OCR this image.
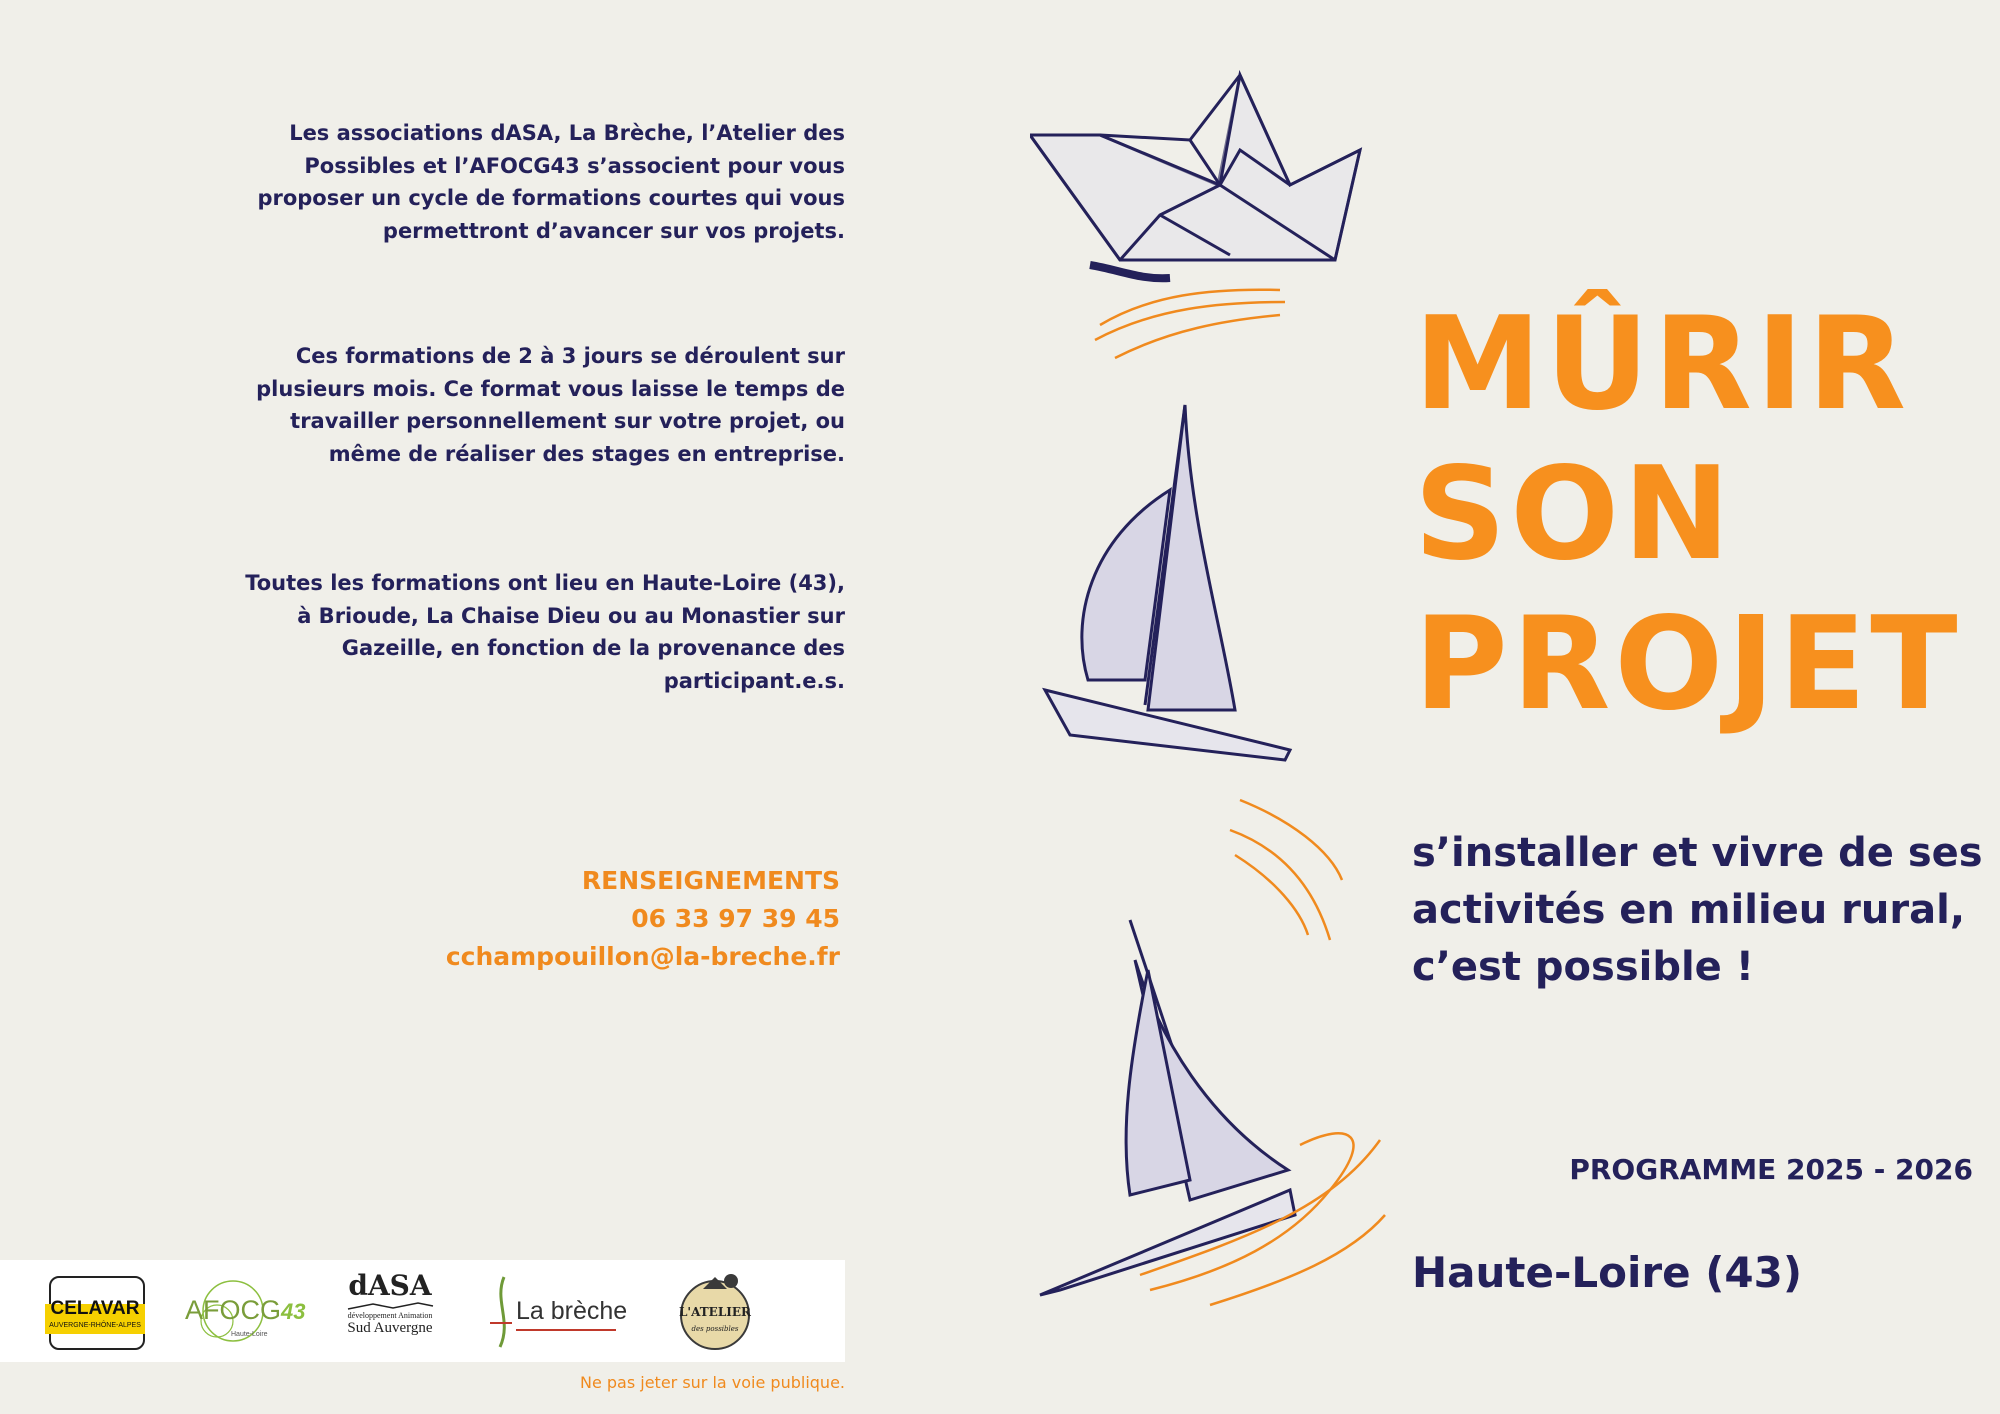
Les associations dASA, La Brèche, l’Atelier des
Possibles et l’AFOCG43 s’associent pour vous
proposer un cycle de formations courtes qui vous
permettront d’avancer sur vos projets.
Ces formations de 2 à 3 jours se déroulent sur
plusieurs mois. Ce format vous laisse le temps de
travailler personnellement sur votre projet, ou
même de réaliser des stages en entreprise.
Toutes les formations ont lieu en Haute-Loire (43),
à Brioude, La Chaise Dieu ou au Monastier sur
Gazeille, en fonction de la provenance des
participant.e.s.
RENSEIGNEMENTS
06 33 97 39 45
cchampouillon@la-breche.fr
CELAVAR
AUVERGNE-RHÔNE-ALPES
AFOCG43
Haute-Loire
dASA
développement Animation
Sud Auvergne
La brèche	L'ATELIER
des possibles
Ne pas jeter sur la voie publique.
MÛRIR
SON
PROJET
s’installer et vivre de ses
activités en milieu rural,
c’est possible !
PROGRAMME 2025 - 2026
Haute-Loire (43)
